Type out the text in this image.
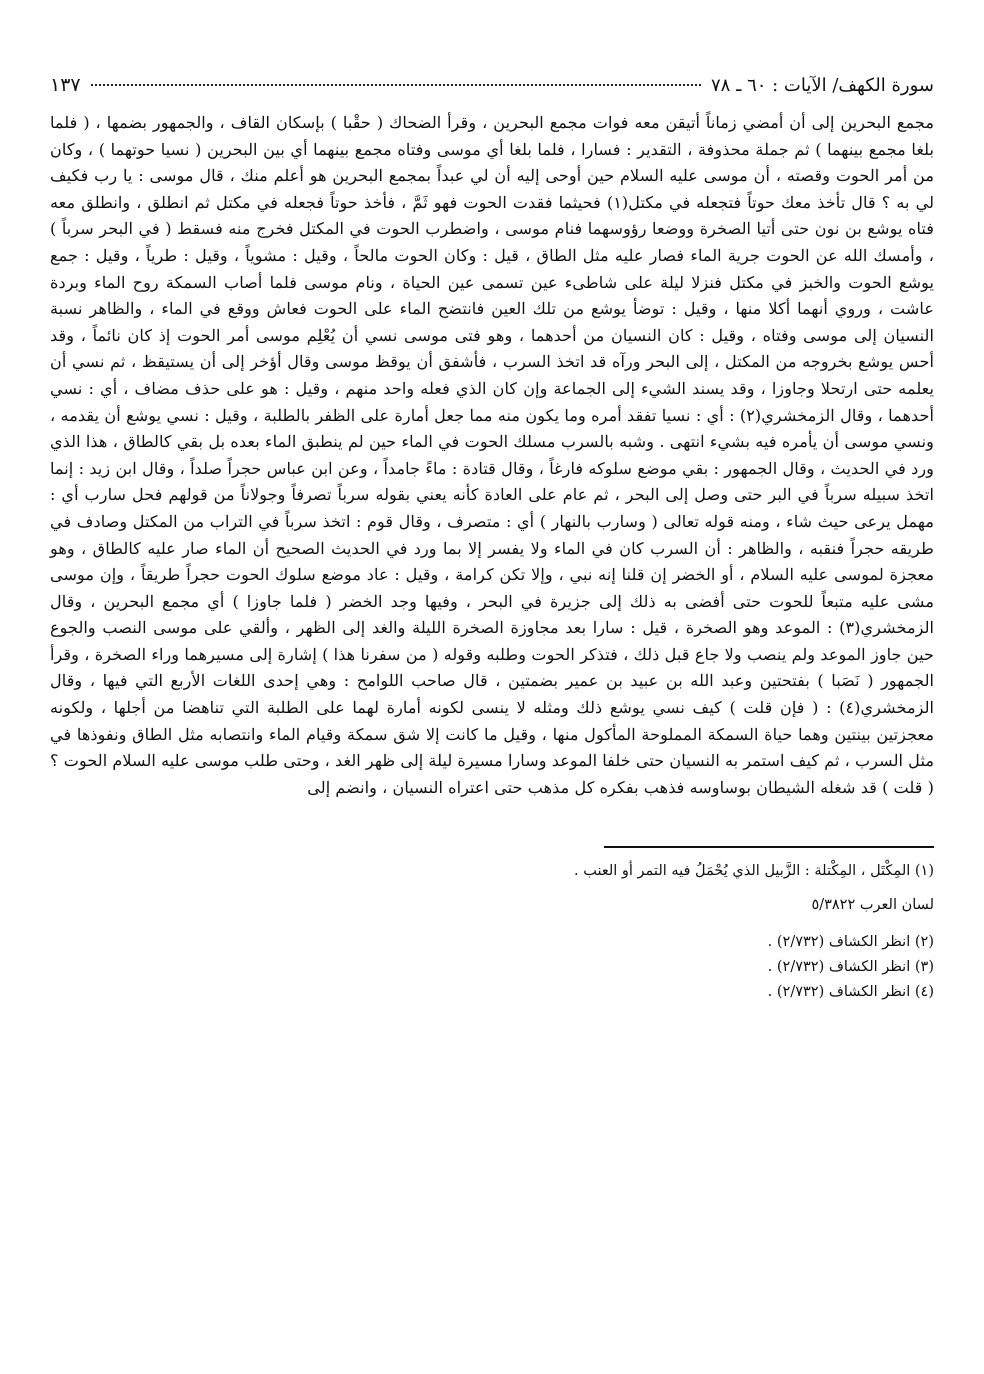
سورة الكهف/ الآيات : ٦٠ ـ ٧٨
١٣٧

مجمع البحرين إلى أن أمضي زماناً أتيقن معه فوات مجمع البحرين ، وقرأ الضحاك ( حقْبا ) بإسكان القاف ، والجمهور بضمها ، ( فلما بلغا مجمع بينهما ) ثم جملة محذوفة ، التقدير : فسارا ، فلما بلغا أي موسى وفتاه مجمع بينهما أي بين البحرين ( نسيا حوتهما ) ، وكان من أمر الحوت وقصته ، أن موسى عليه السلام حين أوحى إليه أن لي عبداً بمجمع البحرين هو أعلم منك ، قال موسى : يا رب فكيف لي به ؟ قال تأخذ معك حوتاً فتجعله في مكتل(١) فحيثما فقدت الحوت فهو ثَمَّ ، فأخذ حوتاً فجعله في مكتل ثم انطلق ، وانطلق معه فتاه يوشع بن نون حتى أتيا الصخرة ووضعا رؤوسهما فنام موسى ، واضطرب الحوت في المكتل فخرج منه فسقط ( في البحر سرباً ) ، وأمسك الله عن الحوت جرية الماء فصار عليه مثل الطاق ، قيل : وكان الحوت مالحاً ، وقيل : مشوياً ، وقيل : طرياً ، وقيل : جمع يوشع الحوت والخبز في مكتل فنزلا ليلة على شاطىء عين تسمى عين الحياة ، ونام موسى فلما أصاب السمكة روح الماء وبردة عاشت ، وروي أنهما أكلا منها ، وقيل : توضأ يوشع من تلك العين فانتضح الماء على الحوت فعاش ووقع في الماء ، والظاهر نسبة النسيان إلى موسى وفتاه ، وقيل : كان النسيان من أحدهما ، وهو فتى موسى نسي أن يُعْلِم موسى أمر الحوت إذ كان نائماً ، وقد أحس يوشع بخروجه من المكتل ، إلى البحر ورآه قد اتخذ السرب ، فأشفق أن يوقظ موسى وقال أؤخر إلى أن يستيقظ ، ثم نسي أن يعلمه حتى ارتحلا وجاوزا ، وقد يسند الشيء إلى الجماعة وإن كان الذي فعله واحد منهم ، وقيل : هو على حذف مضاف ، أي : نسي أحدهما ، وقال الزمخشري(٢) : أي : نسيا تفقد أمره وما يكون منه مما جعل أمارة على الظفر بالطلبة ، وقيل : نسي يوشع أن يقدمه ، ونسي موسى أن يأمره فيه بشيء انتهى . وشبه بالسرب مسلك الحوت في الماء حين لم ينطبق الماء بعده بل بقي كالطاق ، هذا الذي ورد في الحديث ، وقال الجمهور : بقي موضع سلوكه فارغاً ، وقال قتادة : ماءً جامداً ، وعن ابن عباس حجراً صلداً ، وقال ابن زيد : إنما اتخذ سبيله سرباً في البر حتى وصل إلى البحر ، ثم عام على العادة كأنه يعني بقوله سرباً تصرفاً وجولاناً من قولهم فحل سارب أي : مهمل يرعى حيث شاء ، ومنه قوله تعالى ( وسارب بالنهار ) أي : متصرف ، وقال قوم : اتخذ سرباً في التراب من المكتل وصادف في طريقه حجراً فنقبه ، والظاهر : أن السرب كان في الماء ولا يفسر إلا بما ورد في الحديث الصحيح أن الماء صار عليه كالطاق ، وهو معجزة لموسى عليه السلام ، أو الخضر إن قلنا إنه نبي ، وإلا تكن كرامة ، وقيل : عاد موضع سلوك الحوت حجراً طريقاً ، وإن موسى مشى عليه متبعاً للحوت حتى أفضى به ذلك إلى جزيرة في البحر ، وفيها وجد الخضر ( فلما جاوزا ) أي مجمع البحرين ، وقال الزمخشري(٣) : الموعد وهو الصخرة ، قيل : سارا بعد مجاوزة الصخرة الليلة والغد إلى الظهر ، وألقي على موسى النصب والجوع حين جاوز الموعد ولم ينصب ولا جاع قبل ذلك ، فتذكر الحوت وطلبه وقوله ( من سفرنا هذا ) إشارة إلى مسيرهما وراء الصخرة ، وقرأ الجمهور ( نَصَبا ) بفتحتين وعبد الله بن عبيد بن عمير بضمتين ، قال صاحب اللوامح : وهي إحدى اللغات الأربع التي فيها ، وقال الزمخشري(٤) : ( فإن قلت ) كيف نسي يوشع ذلك ومثله لا ينسى لكونه أمارة لهما على الطلبة التي تناهضا من أجلها ، ولكونه معجزتين بينتين وهما حياة السمكة المملوحة المأكول منها ، وقيل ما كانت إلا شق سمكة وقيام الماء وانتصابه مثل الطاق ونفوذها في مثل السرب ، ثم كيف استمر به النسيان حتى خلفا الموعد وسارا مسيرة ليلة إلى ظهر الغد ، وحتى طلب موسى عليه السلام الحوت ؟ ( قلت ) قد شغله الشيطان بوساوسه فذهب بفكره كل مذهب حتى اعتراه النسيان ، وانضم إلى

(١) المِكْتَل ، المِكْتلة : الزَّبيل الذي يُحْمَلُ فيه التمر أو العنب .

لسان العرب ٥/٣٨٢٢

(٢) انظر الكشاف (٢/٧٣٢) .

(٣) انظر الكشاف (٢/٧٣٢) .

(٤) انظر الكشاف (٢/٧٣٢) .
